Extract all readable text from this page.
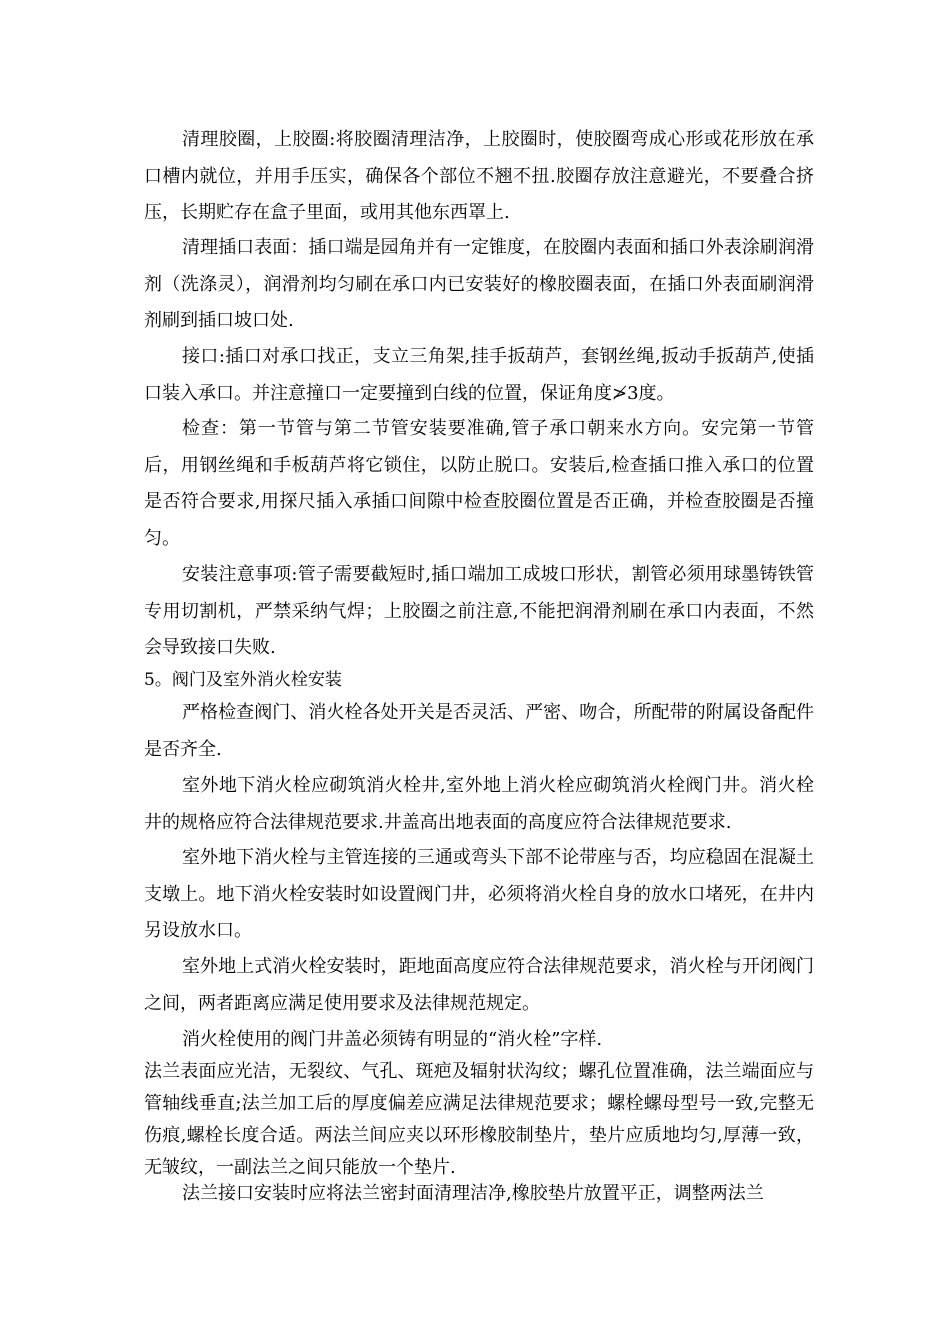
清理胶圈，上胶圈:将胶圈清理洁净，上胶圈时，使胶圈弯成心形或花形放在承口槽内就位，并用手压实，确保各个部位不翘不扭.胶圈存放注意避光，不要叠合挤压，长期贮存在盒子里面，或用其他东西罩上.

清理插口表面：插口端是园角并有一定锥度，在胶圈内表面和插口外表涂刷润滑剂（洗涤灵），润滑剂均匀刷在承口内已安装好的橡胶圈表面，在插口外表面刷润滑剂刷到插口坡口处.

接口:插口对承口找正，支立三角架,挂手扳葫芦，套钢丝绳,扳动手扳葫芦,使插口装入承口。并注意撞口一定要撞到白线的位置，保证角度≯3度。

检查：第一节管与第二节管安装要准确,管子承口朝来水方向。安完第一节管后，用钢丝绳和手板葫芦将它锁住，以防止脱口。安装后,检查插口推入承口的位置是否符合要求,用探尺插入承插口间隙中检查胶圈位置是否正确，并检查胶圈是否撞匀。

安装注意事项:管子需要截短时,插口端加工成坡口形状，割管必须用球墨铸铁管专用切割机，严禁采纳气焊；上胶圈之前注意,不能把润滑剂刷在承口内表面，不然会导致接口失败.

5。阀门及室外消火栓安装

严格检查阀门、消火栓各处开关是否灵活、严密、吻合，所配带的附属设备配件是否齐全.

室外地下消火栓应砌筑消火栓井,室外地上消火栓应砌筑消火栓阀门井。消火栓井的规格应符合法律规范要求.井盖高出地表面的高度应符合法律规范要求.

室外地下消火栓与主管连接的三通或弯头下部不论带座与否，均应稳固在混凝土支墩上。地下消火栓安装时如设置阀门井，必须将消火栓自身的放水口堵死，在井内另设放水口。

室外地上式消火栓安装时，距地面高度应符合法律规范要求，消火栓与开闭阀门之间，两者距离应满足使用要求及法律规范规定。

消火栓使用的阀门井盖必须铸有明显的“消火栓”字样.

法兰表面应光洁，无裂纹、气孔、斑疤及辐射状沟纹；螺孔位置准确，法兰端面应与管轴线垂直;法兰加工后的厚度偏差应满足法律规范要求；螺栓螺母型号一致,完整无伤痕,螺栓长度合适。两法兰间应夹以环形橡胶制垫片，垫片应质地均匀,厚薄一致，无皱纹，一副法兰之间只能放一个垫片.

法兰接口安装时应将法兰密封面清理洁净,橡胶垫片放置平正，调整两法兰
